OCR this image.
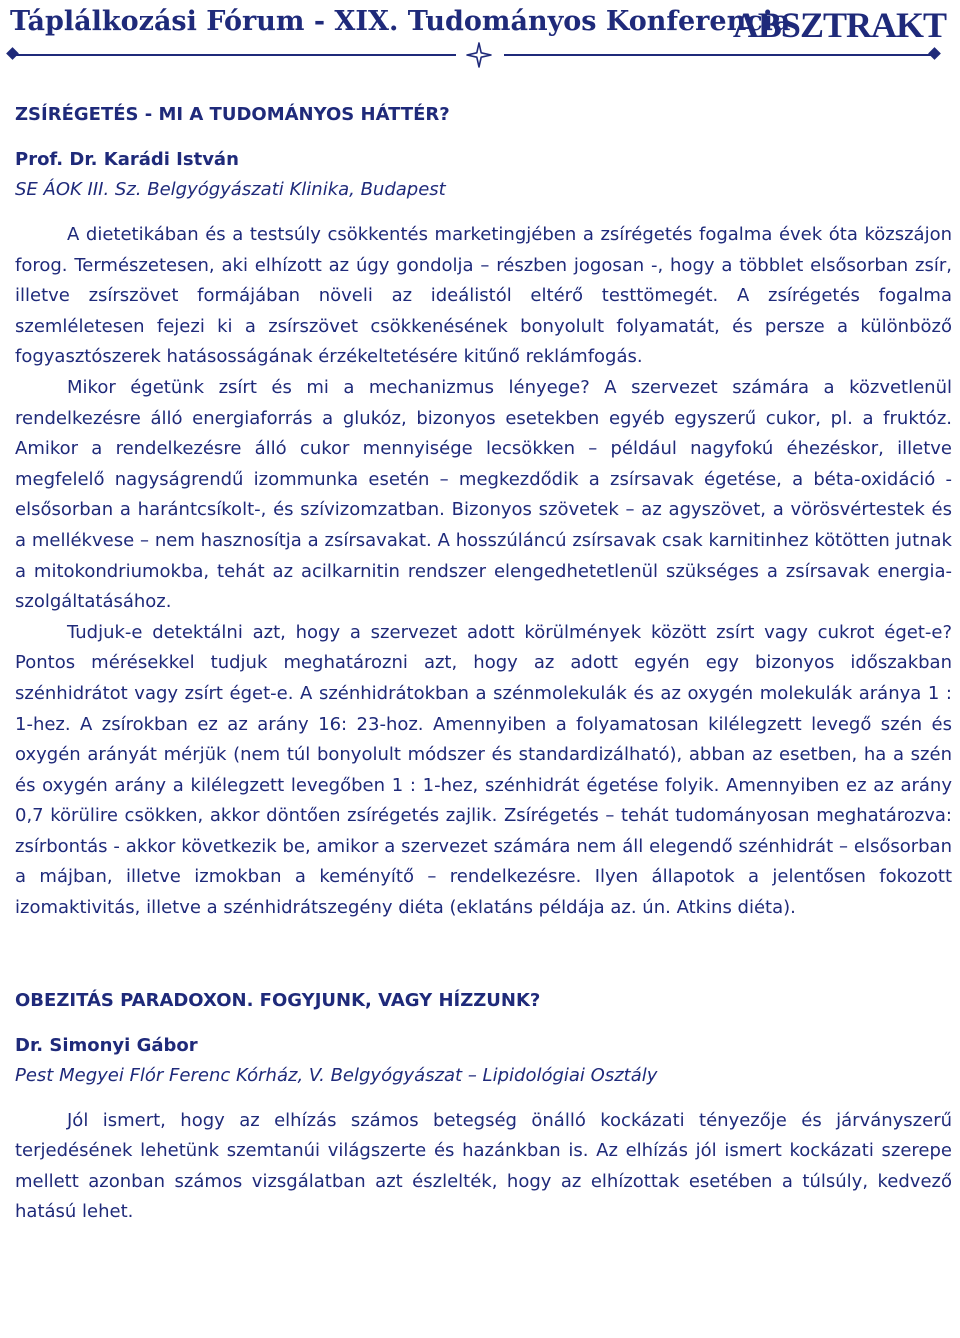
Táplálkozási Fórum - XIX. Tudományos Konferencia
ABSZTRAKT

ZSÍRÉGETÉS - MI A TUDOMÁNYOS HÁTTÉR?

Prof. Dr. Karádi István

SE ÁOK III. Sz. Belgyógyászati Klinika, Budapest

A dietetikában és a testsúly csökkentés marketingjében a zsírégetés fogalma évek óta közszájon forog. Természetesen, aki elhízott az úgy gondolja – részben jogosan -, hogy a többlet elsősorban zsír, illetve zsírszövet formájában növeli az ideálistól eltérő testtömegét. A zsírégetés fogalma szemléletesen fejezi ki a zsírszövet csökkenésének bonyolult folyamatát, és persze a különböző fogyasztószerek hatásosságának érzékeltetésére kitűnő reklámfogás.

Mikor égetünk zsírt és mi a mechanizmus lényege? A szervezet számára a közvetlenül rendelkezésre álló energiaforrás a glukóz, bizonyos esetekben egyéb egyszerű cukor, pl. a fruktóz. Amikor a rendelkezésre álló cukor mennyisége lecsökken – például nagyfokú éhezéskor, illetve megfelelő nagyságrendű izommunka esetén – megkezdődik a zsírsavak égetése, a béta-oxidáció - elsősorban a harántcsíkolt-, és szívizomzatban. Bizonyos szövetek – az agyszövet, a vörösvértestek és a mellékvese – nem hasznosítja a zsírsavakat. A hosszúláncú zsírsavak csak karnitinhez kötötten jutnak a mitokondriumokba, tehát az acilkarnitin rendszer elengedhetetlenül szükséges a zsírsavak energia-szolgáltatásához.

Tudjuk-e detektálni azt, hogy a szervezet adott körülmények között zsírt vagy cukrot éget-e? Pontos mérésekkel tudjuk meghatározni azt, hogy az adott egyén egy bizonyos időszakban szénhidrátot vagy zsírt éget-e. A szénhidrátokban a szénmolekulák és az oxygén molekulák aránya 1 : 1-hez. A zsírokban ez az arány 16: 23-hoz. Amennyiben a folyamatosan kilélegzett levegő szén és oxygén arányát mérjük (nem túl bonyolult módszer és standardizálható), abban az esetben, ha a szén és oxygén arány a kilélegzett levegőben 1 : 1-hez, szénhidrát égetése folyik. Amennyiben ez az arány 0,7 körülire csökken, akkor döntően zsírégetés zajlik. Zsírégetés – tehát tudományosan meghatározva: zsírbontás - akkor következik be, amikor a szervezet számára nem áll elegendő szénhidrát – elsősorban a májban, illetve izmokban a keményítő – rendelkezésre. Ilyen állapotok a jelentősen fokozott izomaktivitás, illetve a szénhidrátszegény diéta (eklatáns példája az. ún. Atkins diéta).

OBEZITÁS PARADOXON. FOGYJUNK, VAGY HÍZZUNK?

Dr. Simonyi Gábor

Pest Megyei Flór Ferenc Kórház, V. Belgyógyászat – Lipidológiai Osztály

Jól ismert, hogy az elhízás számos betegség önálló kockázati tényezője és járványszerű terjedésének lehetünk szemtanúi világszerte és hazánkban is. Az elhízás jól ismert kockázati szerepe mellett azonban számos vizsgálatban azt észlelték, hogy az elhízottak esetében a túlsúly, kedvező hatású lehet.
